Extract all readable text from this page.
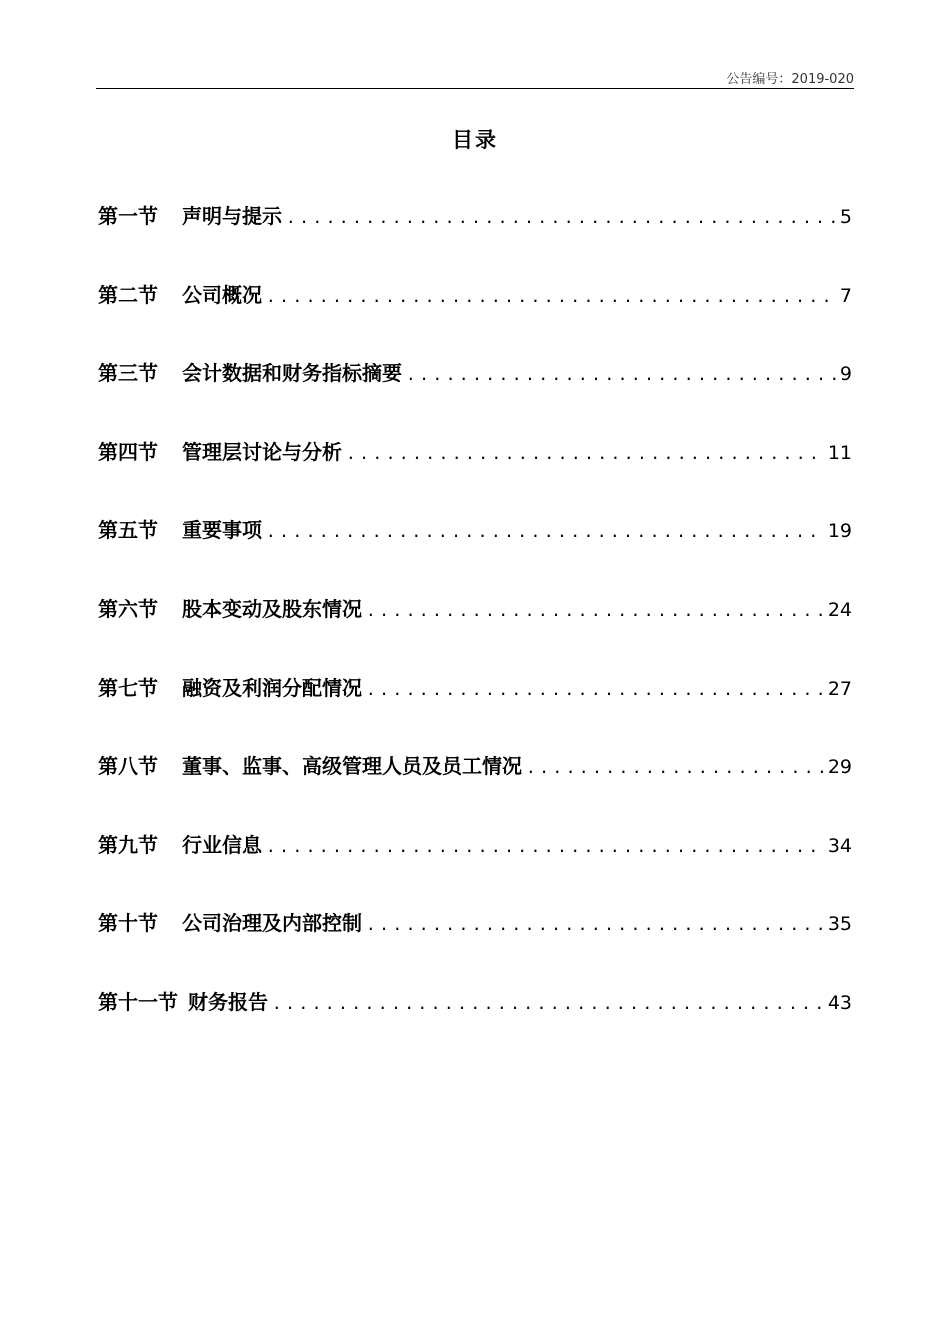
公告编号：2019-020
目录
第一节	声明与提示 .....	5
第二节	公司概况 .....	7
第三节	会计数据和财务指标摘要 .....	9
第四节	管理层讨论与分析 .....	11
第五节	重要事项 .....	19
第六节	股本变动及股东情况 .....	24
第七节	融资及利润分配情况 .....	27
第八节	董事、监事、高级管理人员及员工情况 .....	29
第九节	行业信息 .....	34
第十节	公司治理及内部控制 .....	35
第十一节 财务报告 .....	43
